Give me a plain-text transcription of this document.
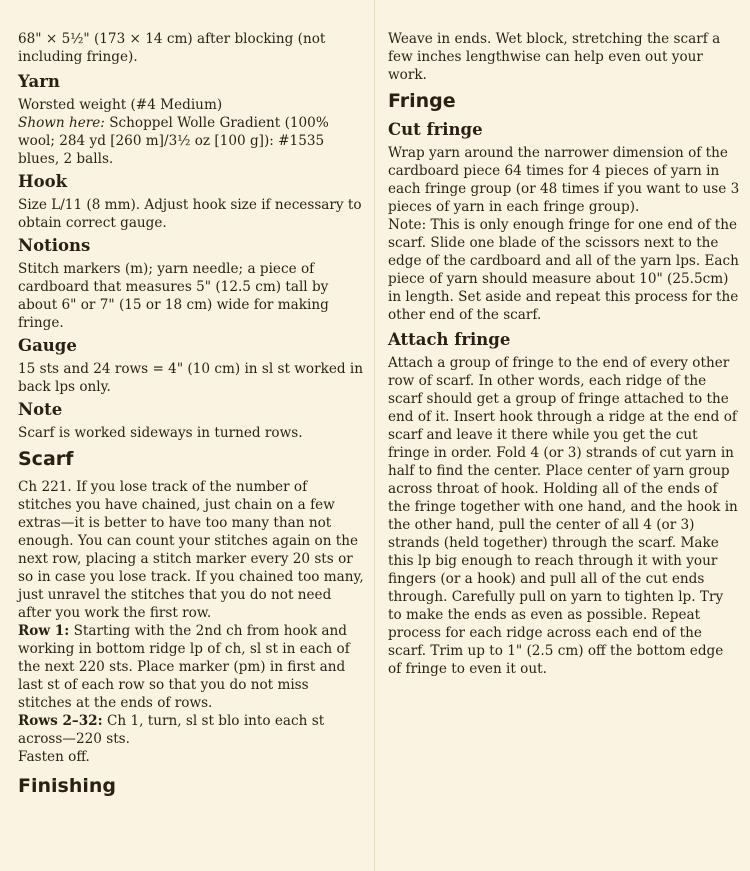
68" × 5½" (173 × 14 cm) after blocking (not including fringe).

Yarn

Worsted weight (#4 Medium)

Shown here: Schoppel Wolle Gradient (100% wool; 284 yd [260 m]/3½ oz [100 g]): #1535 blues, 2 balls.

Hook

Size L/11 (8 mm). Adjust hook size if necessary to obtain correct gauge.

Notions

Stitch markers (m); yarn needle; a piece of cardboard that measures 5" (12.5 cm) tall by about 6" or 7" (15 or 18 cm) wide for making fringe.

Gauge

15 sts and 24 rows = 4" (10 cm) in sl st worked in back lps only.

Note

Scarf is worked sideways in turned rows.

Scarf

Ch 221. If you lose track of the number of stitches you have chained, just chain on a few extras—it is better to have too many than not enough. You can count your stitches again on the next row, placing a stitch marker every 20 sts or so in case you lose track. If you chained too many, just unravel the stitches that you do not need after you work the first row.

Row 1: Starting with the 2nd ch from hook and working in bottom ridge lp of ch, sl st in each of the next 220 sts. Place marker (pm) in first and last st of each row so that you do not miss stitches at the ends of rows.

Rows 2–32: Ch 1, turn, sl st blo into each st across—220 sts.

Fasten off.

Finishing

Weave in ends. Wet block, stretching the scarf a few inches lengthwise can help even out your work.

Fringe
Cut fringe

Wrap yarn around the narrower dimension of the cardboard piece 64 times for 4 pieces of yarn in each fringe group (or 48 times if you want to use 3 pieces of yarn in each fringe group).

Note: This is only enough fringe for one end of the scarf. Slide one blade of the scissors next to the edge of the cardboard and all of the yarn lps. Each piece of yarn should measure about 10" (25.5cm) in length. Set aside and repeat this process for the other end of the scarf.

Attach fringe

Attach a group of fringe to the end of every other row of scarf. In other words, each ridge of the scarf should get a group of fringe attached to the end of it. Insert hook through a ridge at the end of scarf and leave it there while you get the cut fringe in order. Fold 4 (or 3) strands of cut yarn in half to find the center. Place center of yarn group across throat of hook. Holding all of the ends of the fringe together with one hand, and the hook in the other hand, pull the center of all 4 (or 3) strands (held together) through the scarf. Make this lp big enough to reach through it with your fingers (or a hook) and pull all of the cut ends through. Carefully pull on yarn to tighten lp. Try to make the ends as even as possible. Repeat process for each ridge across each end of the scarf. Trim up to 1" (2.5 cm) off the bottom edge of fringe to even it out.
